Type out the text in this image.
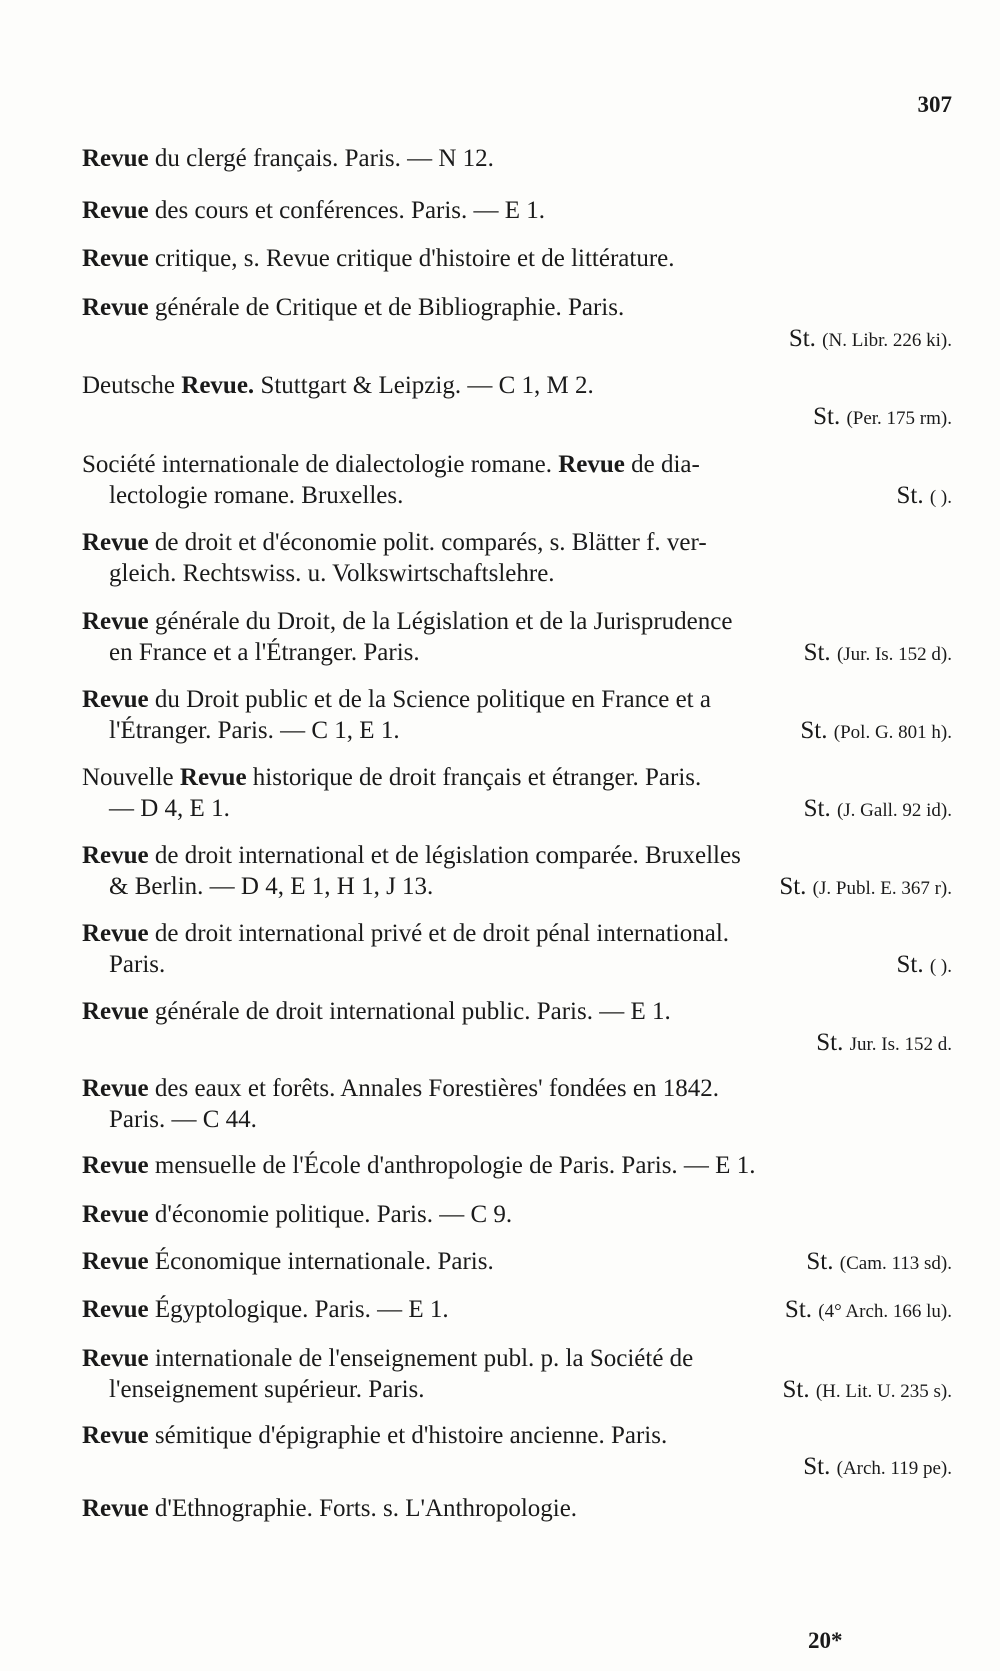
307
Revue du clergé français. Paris. — N 12.
Revue des cours et conférences. Paris. — E 1.
Revue critique, s. Revue critique d'histoire et de littérature.
Revue générale de Critique et de Bibliographie. Paris.
St. (N. Libr. 226 ki).
Deutsche Revue. Stuttgart & Leipzig. — C 1, M 2.
St. (Per. 175 rm).
Société internationale de dialectologie romane. Revue de dia-
lectologie romane. Bruxelles.	St. ( ).
Revue de droit et d'économie polit. comparés, s. Blätter f. ver-
gleich. Rechtswiss. u. Volkswirtschaftslehre.
Revue générale du Droit, de la Législation et de la Jurisprudence
en France et a l'Étranger. Paris.	St. (Jur. Is. 152 d).
Revue du Droit public et de la Science politique en France et a
l'Étranger. Paris. — C 1, E 1.	St. (Pol. G. 801 h).
Nouvelle Revue historique de droit français et étranger. Paris.
— D 4, E 1.	St. (J. Gall. 92 id).
Revue de droit international et de législation comparée. Bruxelles
& Berlin. — D 4, E 1, H 1, J 13.	St. (J. Publ. E. 367 r).
Revue de droit international privé et de droit pénal international.
Paris.	St. ( ).
Revue générale de droit international public. Paris. — E 1.
St. Jur. Is. 152 d.
Revue des eaux et forêts. Annales Forestières' fondées en 1842.
Paris. — C 44.
Revue mensuelle de l'École d'anthropologie de Paris. Paris. — E 1.
Revue d'économie politique. Paris. — C 9.
Revue Économique internationale. Paris.	St. (Cam. 113 sd).
Revue Égyptologique. Paris. — E 1.	St. (4° Arch. 166 lu).
Revue internationale de l'enseignement publ. p. la Société de
l'enseignement supérieur. Paris.	St. (H. Lit. U. 235 s).
Revue sémitique d'épigraphie et d'histoire ancienne. Paris.
St. (Arch. 119 pe).
Revue d'Ethnographie. Forts. s. L'Anthropologie.
20*
